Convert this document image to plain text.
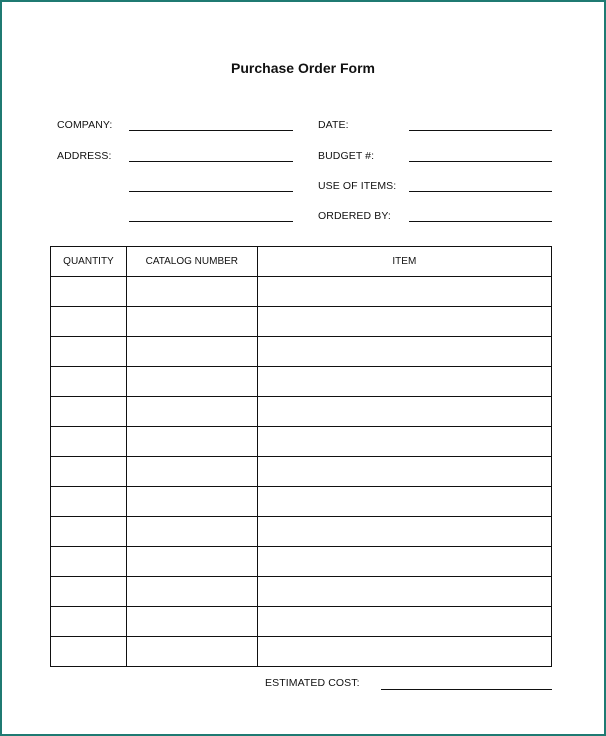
Purchase Order Form
COMPANY:
ADDRESS:
DATE:
BUDGET #:
USE OF ITEMS:
ORDERED BY:
QUANTITY	CATALOG NUMBER	ITEM

ESTIMATED COST:
